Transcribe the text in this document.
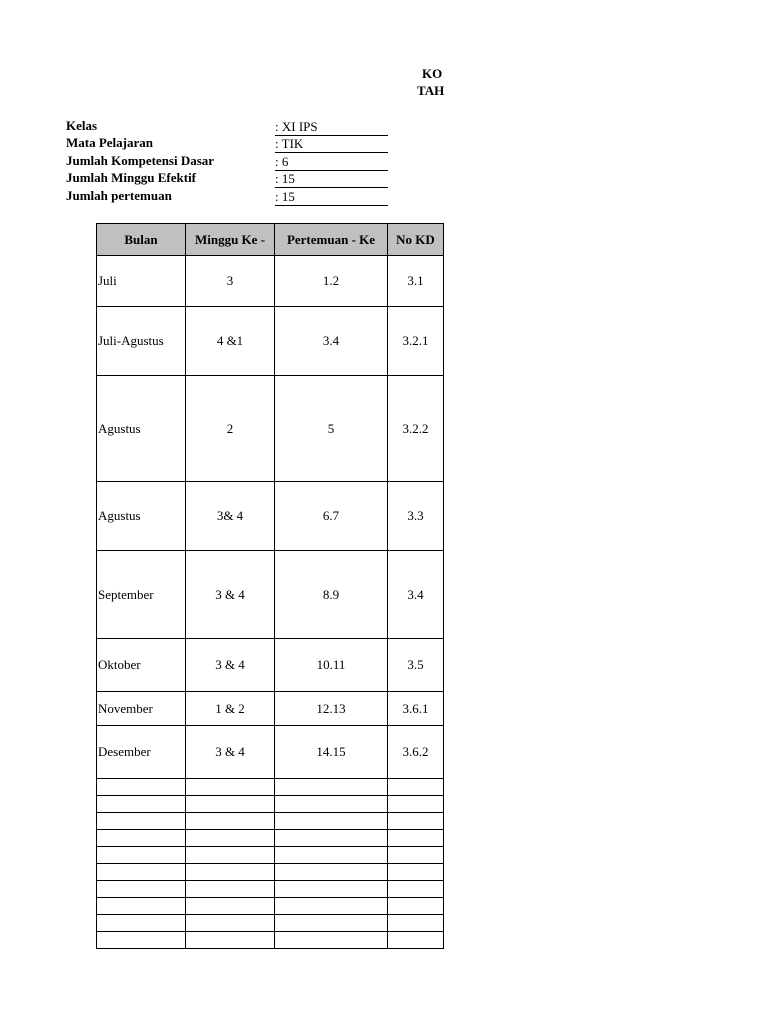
KO
TAH
Kelas	: XI IPS
Mata Pelajaran	: TIK
Jumlah Kompetensi Dasar	: 6
Jumlah Minggu Efektif	: 15
Jumlah pertemuan	: 15
Bulan	Minggu Ke -	Pertemuan - Ke	No KD
Juli	3	1.2	3.1
Juli-Agustus	4 &1	3.4	3.2.1
Agustus	2	5	3.2.2
Agustus	3& 4	6.7	3.3
September	3 & 4	8.9	3.4
Oktober	3 & 4	10.11	3.5
November	1 & 2	12.13	3.6.1
Desember	3 & 4	14.15	3.6.2
